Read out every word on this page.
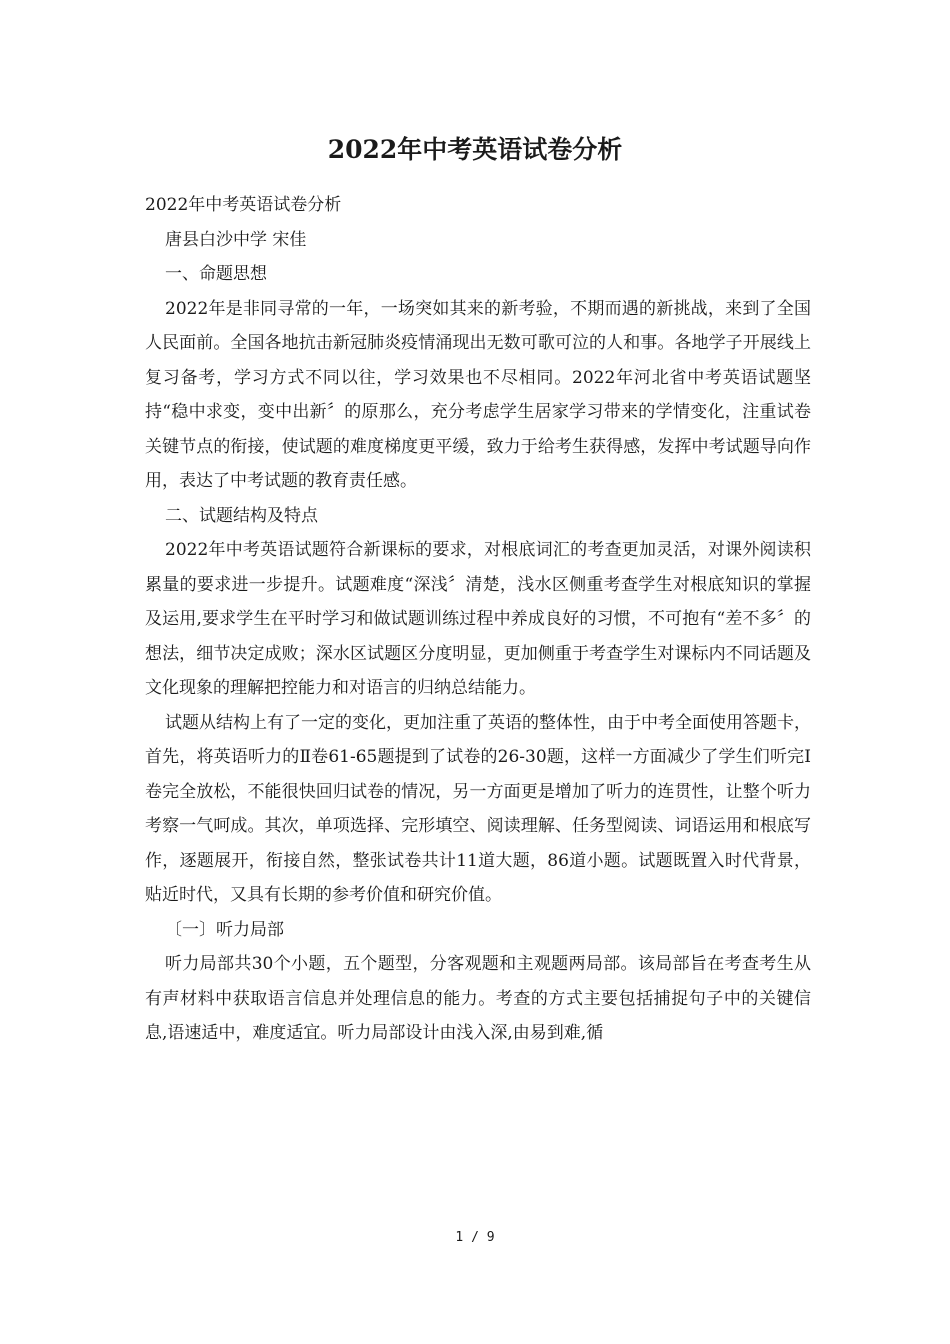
2022年中考英语试卷分析

2022年中考英语试卷分析

唐县白沙中学 宋佳

一、命题思想

2022年是非同寻常的一年，一场突如其来的新考验，不期而遇的新挑战，来到了全国人民面前。全国各地抗击新冠肺炎疫情涌现出无数可歌可泣的人和事。各地学子开展线上复习备考，学习方式不同以往，学习效果也不尽相同。2022年河北省中考英语试题坚持“稳中求变，变中出新〞的原那么，充分考虑学生居家学习带来的学情变化，注重试卷关键节点的衔接，使试题的难度梯度更平缓，致力于给考生获得感，发挥中考试题导向作用，表达了中考试题的教育责任感。

二、试题结构及特点

2022年中考英语试题符合新课标的要求，对根底词汇的考查更加灵活，对课外阅读积累量的要求进一步提升。试题难度“深浅〞清楚，浅水区侧重考查学生对根底知识的掌握及运用,要求学生在平时学习和做试题训练过程中养成良好的习惯，不可抱有“差不多〞的想法，细节决定成败；深水区试题区分度明显，更加侧重于考查学生对课标内不同话题及文化现象的理解把控能力和对语言的归纳总结能力。

试题从结构上有了一定的变化，更加注重了英语的整体性，由于中考全面使用答题卡，首先，将英语听力的Ⅱ卷61-65题提到了试卷的26-30题，这样一方面减少了学生们听完Ⅰ卷完全放松，不能很快回归试卷的情况，另一方面更是增加了听力的连贯性，让整个听力考察一气呵成。其次，单项选择、完形填空、阅读理解、任务型阅读、词语运用和根底写作，逐题展开，衔接自然，整张试卷共计11道大题，86道小题。试题既置入时代背景，贴近时代，又具有长期的参考价值和研究价值。

〔一〕听力局部

听力局部共30个小题，五个题型，分客观题和主观题两局部。该局部旨在考查考生从有声材料中获取语言信息并处理信息的能力。考查的方式主要包括捕捉句子中的关键信息,语速适中，难度适宜。听力局部设计由浅入深,由易到难,循

1 / 9
